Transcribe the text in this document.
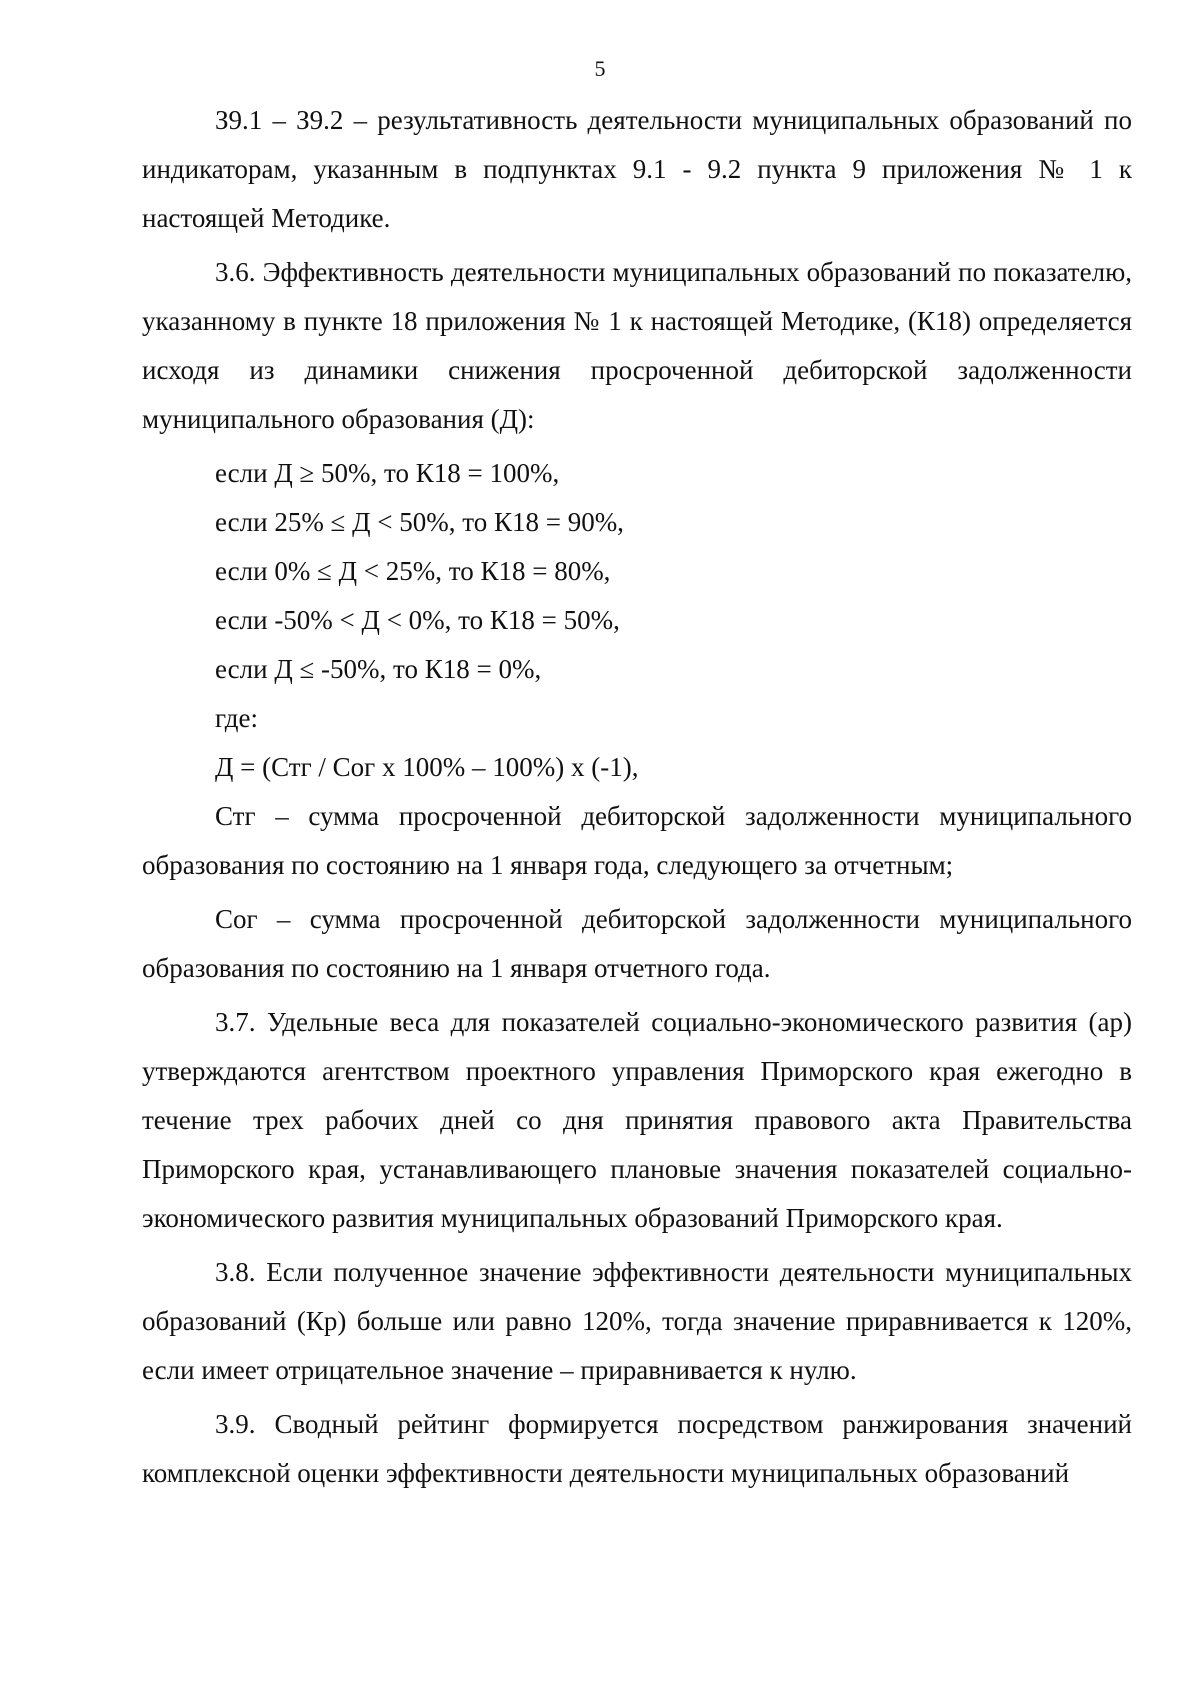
5

З9.1 – З9.2 – результативность деятельности муниципальных образований по индикаторам, указанным в подпунктах 9.1 - 9.2 пункта 9 приложения № 1 к настоящей Методике.

3.6. Эффективность деятельности муниципальных образований по показателю, указанному в пункте 18 приложения № 1 к настоящей Методике, (К18) определяется исходя из динамики снижения просроченной дебиторской задолженности муниципального образования (Д):

если Д ≥ 50%, то К18 = 100%,

если 25% ≤ Д < 50%, то К18 = 90%,

если 0% ≤ Д < 25%, то К18 = 80%,

если -50% < Д < 0%, то К18 = 50%,

если Д ≤ -50%, то К18 = 0%,

где:

Д = (Стг / Сог х 100% – 100%) х (-1),

Стг – сумма просроченной дебиторской задолженности муниципального образования по состоянию на 1 января года, следующего за отчетным;

Сог – сумма просроченной дебиторской задолженности муниципального образования по состоянию на 1 января отчетного года.

3.7. Удельные веса для показателей социально-экономического развития (ар) утверждаются агентством проектного управления Приморского края ежегодно в течение трех рабочих дней со дня принятия правового акта Правительства Приморского края, устанавливающего плановые значения показателей социально-экономического развития муниципальных образований Приморского края.

3.8. Если полученное значение эффективности деятельности муниципальных образований (Кр) больше или равно 120%, тогда значение приравнивается к 120%, если имеет отрицательное значение – приравнивается к нулю.

3.9. Сводный рейтинг формируется посредством ранжирования значений комплексной оценки эффективности деятельности муниципальных образований
